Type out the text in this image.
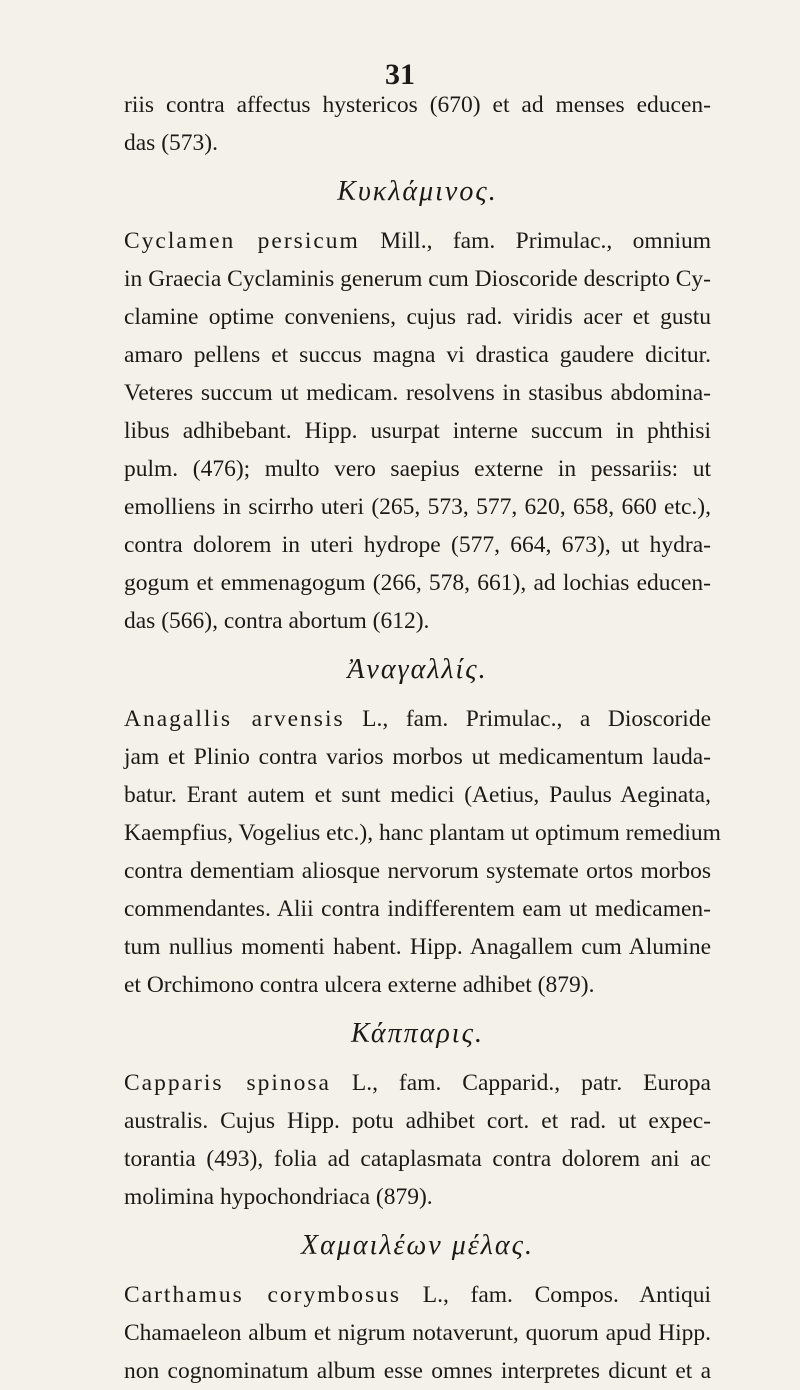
31
riis contra affectus hystericos (670) et ad menses educen-
das (573).
Κυκλάμινος.
Cyclamen persicum Mill., fam. Primulac., omnium
in Graecia Cyclaminis generum cum Dioscoride descripto Cy-
clamine optime conveniens, cujus rad. viridis acer et gustu
amaro pellens et succus magna vi drastica gaudere dicitur.
Veteres succum ut medicam. resolvens in stasibus abdomina-
libus adhibebant. Hipp. usurpat interne succum in phthisi
pulm. (476); multo vero saepius externe in pessariis: ut
emolliens in scirrho uteri (265, 573, 577, 620, 658, 660 etc.),
contra dolorem in uteri hydrope (577, 664, 673), ut hydra-
gogum et emmenagogum (266, 578, 661), ad lochias educen-
das (566), contra abortum (612).
Ἀναγαλλίς.
Anagallis arvensis L., fam. Primulac., a Dioscoride
jam et Plinio contra varios morbos ut medicamentum lauda-
batur. Erant autem et sunt medici (Aetius, Paulus Aeginata,
Kaempfius, Vogelius etc.), hanc plantam ut optimum remedium
contra dementiam aliosque nervorum systemate ortos morbos
commendantes. Alii contra indifferentem eam ut medicamen-
tum nullius momenti habent. Hipp. Anagallem cum Alumine
et Orchimono contra ulcera externe adhibet (879).
Κάππαρις.
Capparis spinosa L., fam. Capparid., patr. Europa
australis. Cujus Hipp. potu adhibet cort. et rad. ut expec-
torantia (493), folia ad cataplasmata contra dolorem ani ac
molimina hypochondriaca (879).
Χαμαιλέων μέλας.
Carthamus corymbosus L., fam. Compos. Antiqui
Chamaeleon album et nigrum notaverunt, quorum apud Hipp.
non cognominatum album esse omnes interpretes dicunt et a
